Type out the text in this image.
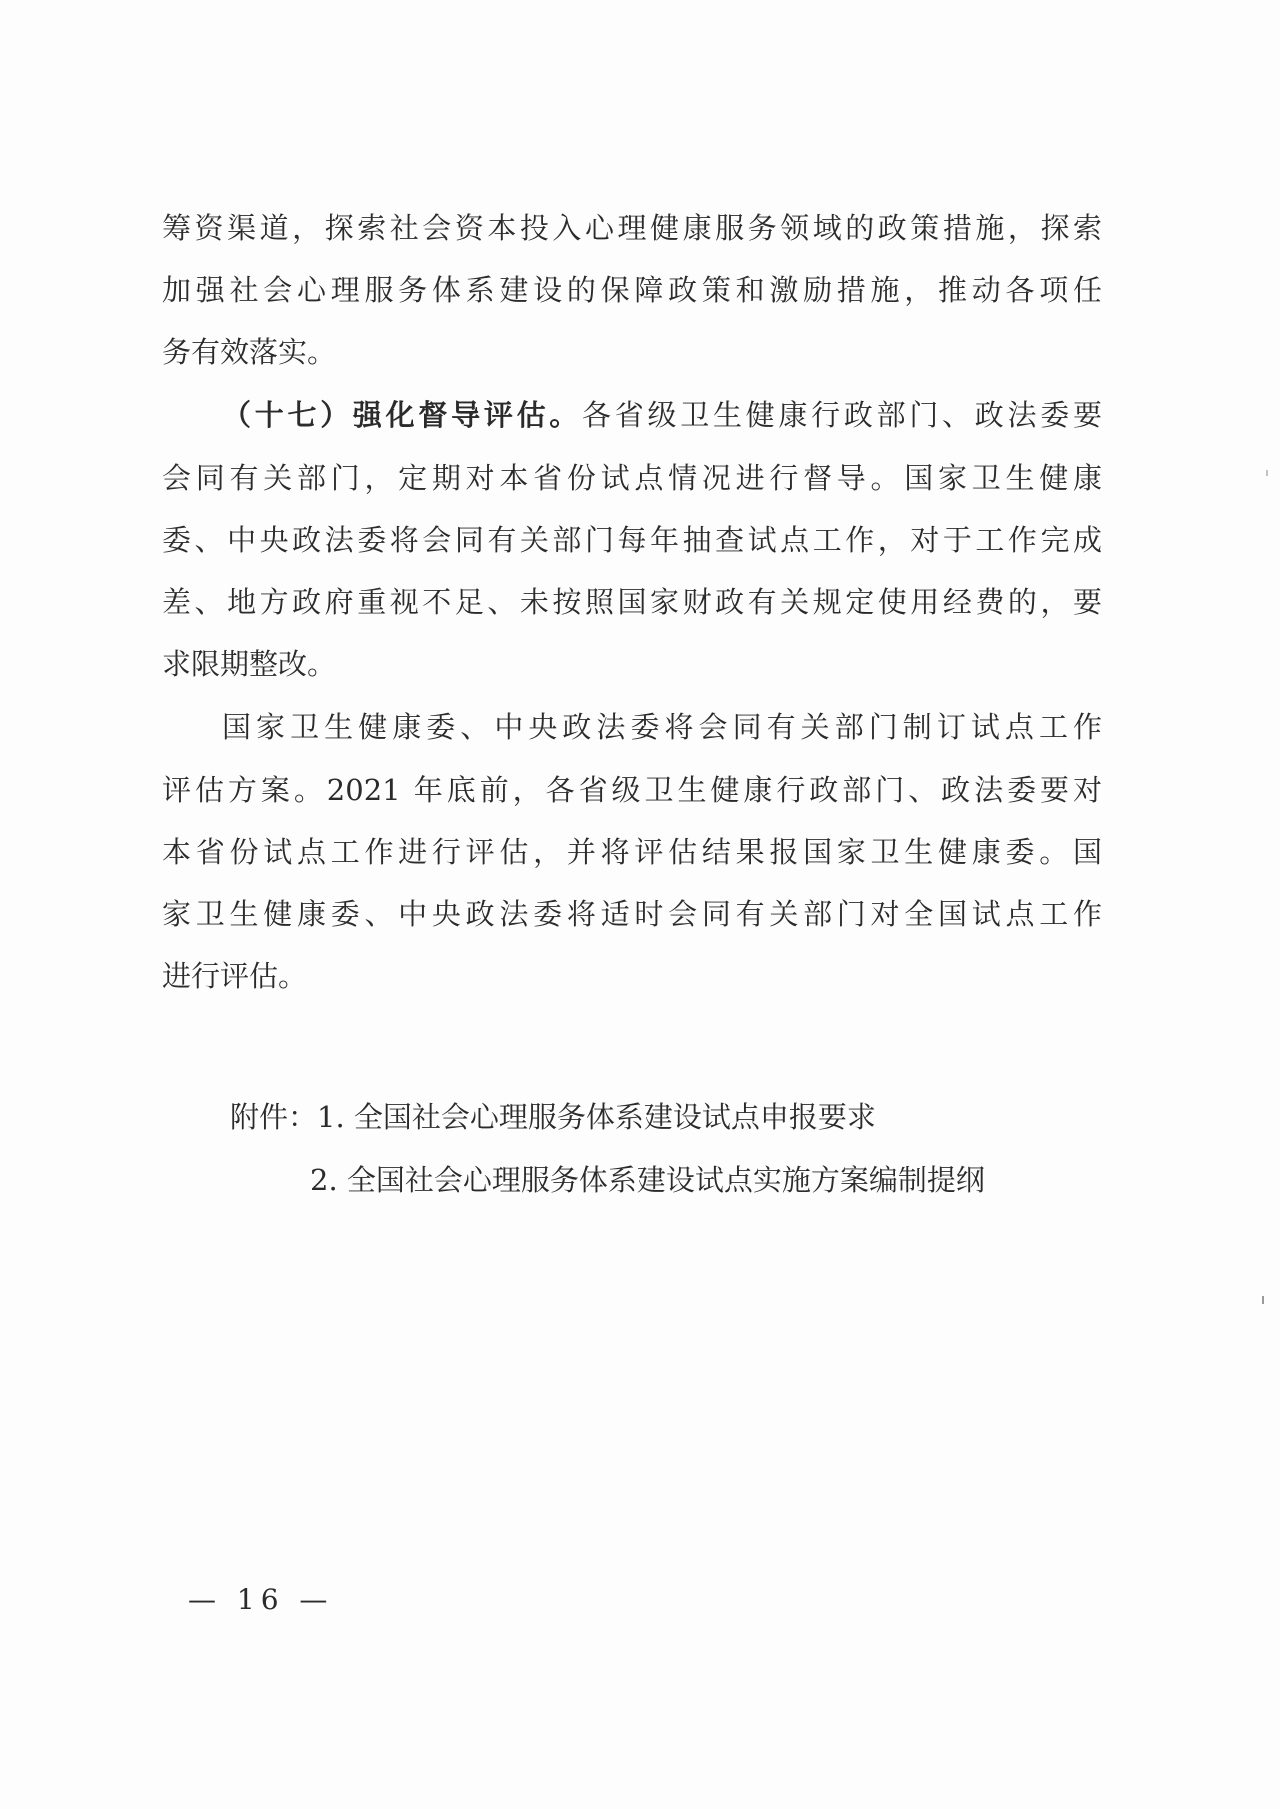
筹资渠道，探索社会资本投入心理健康服务领域的政策措施，探索
加强社会心理服务体系建设的保障政策和激励措施，推动各项任
务有效落实。
（十七）强化督导评估。各省级卫生健康行政部门、政法委要
会同有关部门，定期对本省份试点情况进行督导。国家卫生健康
委、中央政法委将会同有关部门每年抽查试点工作，对于工作完成
差、地方政府重视不足、未按照国家财政有关规定使用经费的，要
求限期整改。
国家卫生健康委、中央政法委将会同有关部门制订试点工作
评估方案。2021 年底前，各省级卫生健康行政部门、政法委要对
本省份试点工作进行评估，并将评估结果报国家卫生健康委。国
家卫生健康委、中央政法委将适时会同有关部门对全国试点工作
进行评估。
附件：1. 全国社会心理服务体系建设试点申报要求
2. 全国社会心理服务体系建设试点实施方案编制提纲
— 16 —
